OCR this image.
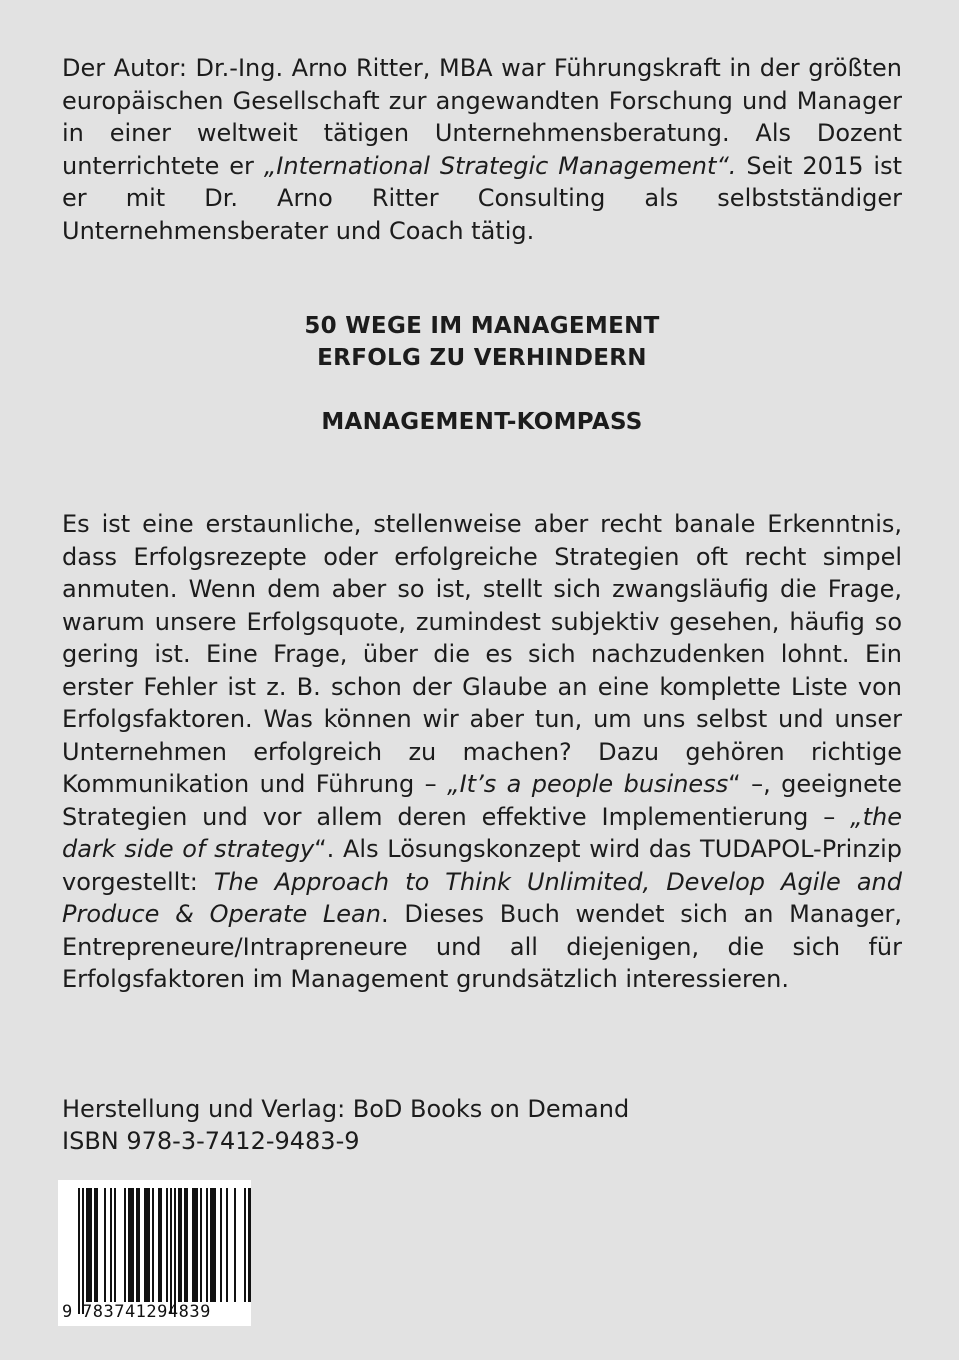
Der Autor: Dr.-Ing. Arno Ritter, MBA war Führungskraft in der größten europäischen Gesellschaft zur angewandten Forschung und Manager in einer weltweit tätigen Unternehmensberatung. Als Dozent unterrichtete er „International Strategic Management“. Seit 2015 ist er mit Dr. Arno Ritter Consulting als selbstständiger Unternehmensberater und Coach tätig.

50 WEGE IM MANAGEMENT
ERFOLG ZU VERHINDERN
MANAGEMENT-KOMPASS

Es ist eine erstaunliche, stellenweise aber recht banale Erkenntnis, dass Erfolgsrezepte oder erfolgreiche Strategien oft recht simpel anmuten. Wenn dem aber so ist, stellt sich zwangsläufig die Frage, warum unsere Erfolgsquote, zumindest subjektiv gesehen, häufig so gering ist. Eine Frage, über die es sich nachzudenken lohnt. Ein erster Fehler ist z. B. schon der Glaube an eine komplette Liste von Erfolgsfaktoren. Was können wir aber tun, um uns selbst und unser Unternehmen erfolgreich zu machen? Dazu gehören richtige Kommunikation und Führung – „It’s a people business“ –, geeignete Strategien und vor allem deren effektive Implementierung – „the dark side of strategy“. Als Lösungskonzept wird das TUDAPOL-Prinzip vorgestellt: The Approach to Think Unlimited, Develop Agile and Produce & Operate Lean. Dieses Buch wendet sich an Manager, Entrepreneure/Intrapreneure und all diejenigen, die sich für Erfolgsfaktoren im Management grundsätzlich interessieren.

Herstellung und Verlag: BoD Books on Demand
ISBN 978-3-7412-9483-9
9 783741294839
